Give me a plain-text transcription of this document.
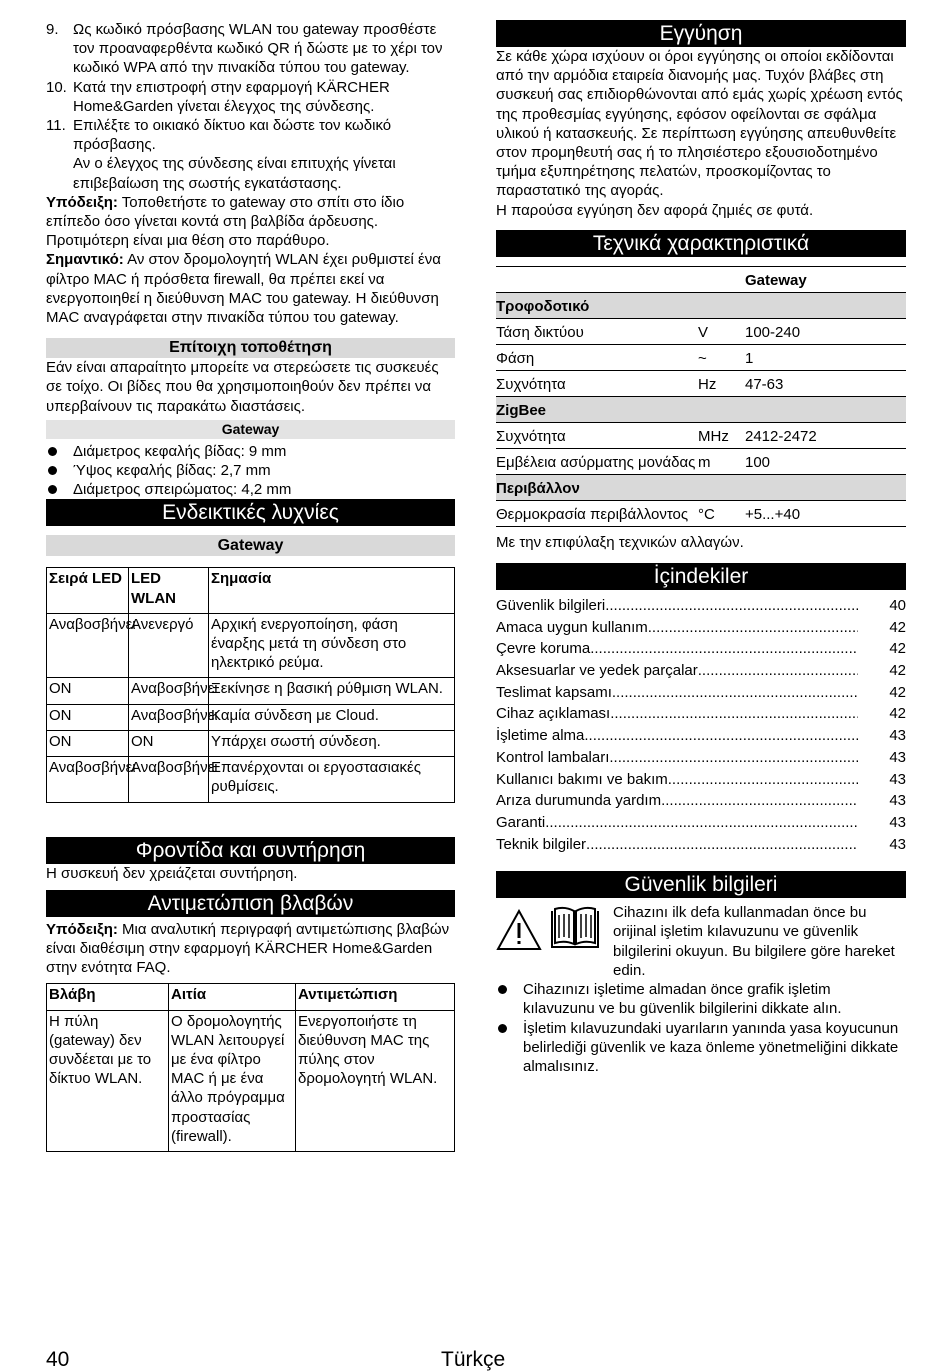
9. Ως κωδικό πρόσβασης WLAN του gateway προσθέστε τον προαναφερθέντα κωδικό QR ή δώστε με το χέρι τον κωδικό WPA από την πινακίδα τύπου του gateway.
10. Κατά την επιστροφή στην εφαρμογή KÄRCHER Home&Garden γίνεται έλεγχος της σύνδεσης.
11. Επιλέξτε το οικιακό δίκτυο και δώστε τον κωδικό πρόσβασης.

Αν ο έλεγχος της σύνδεσης είναι επιτυχής γίνεται επιβεβαίωση της σωστής εγκατάστασης.

Υπόδειξη: Τοποθετήστε το gateway στο σπίτι στο ίδιο επίπεδο όσο γίνεται κοντά στη βαλβίδα άρδευσης. Προτιμότερη είναι μια θέση στο παράθυρο.

Σημαντικό: Αν στον δρομολογητή WLAN έχει ρυθμιστεί ένα φίλτρο MAC ή πρόσθετα firewall, θα πρέπει εκεί να ενεργοποιηθεί η διεύθυνση MAC του gateway. Η διεύθυνση MAC αναγράφεται στην πινακίδα τύπου του gateway.

Επίτοιχη τοποθέτηση

Εάν είναι απαραίτητο μπορείτε να στερεώσετε τις συσκευές σε τοίχο. Οι βίδες που θα χρησιμοποιηθούν δεν πρέπει να υπερβαίνουν τις παρακάτω διαστάσεις.

Gateway
Διάμετρος κεφαλής βίδας: 9 mm
Ύψος κεφαλής βίδας: 2,7 mm
Διάμετρος σπειρώματος: 4,2 mm
Ενδεικτικές λυχνίες
Gateway
Σειρά LED	LED WLAN	Σημασία
Αναβοσβήνει	Ανενεργό	Αρχική ενεργοποίηση, φάση έναρξης μετά τη σύνδεση στο ηλεκτρικό ρεύμα.
ON	Αναβοσβήνει	Ξεκίνησε η βασική ρύθμιση WLAN.
ON	Αναβοσβήνει	Καμία σύνδεση με Cloud.
ON	ON	Υπάρχει σωστή σύνδεση.
Αναβοσβήνει	Αναβοσβήνει	Επανέρχονται οι εργοστασιακές ρυθμίσεις.
Φροντίδα και συντήρηση

Η συσκευή δεν χρειάζεται συντήρηση.

Αντιμετώπιση βλαβών

Υπόδειξη: Μια αναλυτική περιγραφή αντιμετώπισης βλαβών είναι διαθέσιμη στην εφαρμογή KÄRCHER Home&Garden στην ενότητα FAQ.

Βλάβη	Αιτία	Αντιμετώπιση
Η πύλη (gateway) δεν συνδέεται με το δίκτυο WLAN.	Ο δρομολογητής WLAN λειτουργεί με ένα φίλτρο MAC ή με ένα άλλο πρόγραμμα προστασίας (firewall).	Ενεργοποιήστε τη διεύθυνση MAC της πύλης στον δρομολογητή WLAN.
Εγγύηση

Σε κάθε χώρα ισχύουν οι όροι εγγύησης οι οποίοι εκδίδονται από την αρμόδια εταιρεία διανομής μας. Τυχόν βλάβες στη συσκευή σας επιδιορθώνονται από εμάς χωρίς χρέωση εντός της προθεσμίας εγγύησης, εφόσον οφείλονται σε σφάλμα υλικού ή κατασκευής. Σε περίπτωση εγγύησης απευθυνθείτε στον προμηθευτή σας ή το πλησιέστερο εξουσιοδοτημένο τμήμα εξυπηρέτησης πελατών, προσκομίζοντας το παραστατικό της αγοράς.

Η παρούσα εγγύηση δεν αφορά ζημιές σε φυτά.

Τεχνικά χαρακτηριστικά
Gateway
Τροφοδοτικό
Τάση δικτύου	V	100-240
Φάση	~	1
Συχνότητα	Hz	47-63
ZigBee
Συχνότητα	MHz	2412-2472
Εμβέλεια ασύρματης μονάδας m	100
Περιβάλλον
Θερμοκρασία περιβάλλοντος °C	+5...+40

Με την επιφύλαξη τεχνικών αλλαγών.

İçindekiler
Güvenlik bilgileri .....	40
Amaca uygun kullanım .....	42
Çevre koruma .....	42
Aksesuarlar ve yedek parçalar .....	42
Teslimat kapsamı .....	42
Cihaz açıklaması .....	42
İşletime alma .....	43
Kontrol lambaları .....	43
Kullanıcı bakımı ve bakım .....	43
Arıza durumunda yardım .....	43
Garanti .....	43
Teknik bilgiler .....	43
Güvenlik bilgileri

Cihazını ilk defa kullanmadan önce bu orijinal işletim kılavuzunu ve güvenlik bilgilerini okuyun. Bu bilgilere göre hareket edin.

Cihazınızı işletime almadan önce grafik işletim kılavuzunu ve bu güvenlik bilgilerini dikkate alın.
İşletim kılavuzundaki uyarıların yanında yasa koyucunun belirlediği güvenlik ve kaza önleme yönetmeliğini dikkate almalısınız.
40	Türkçe
